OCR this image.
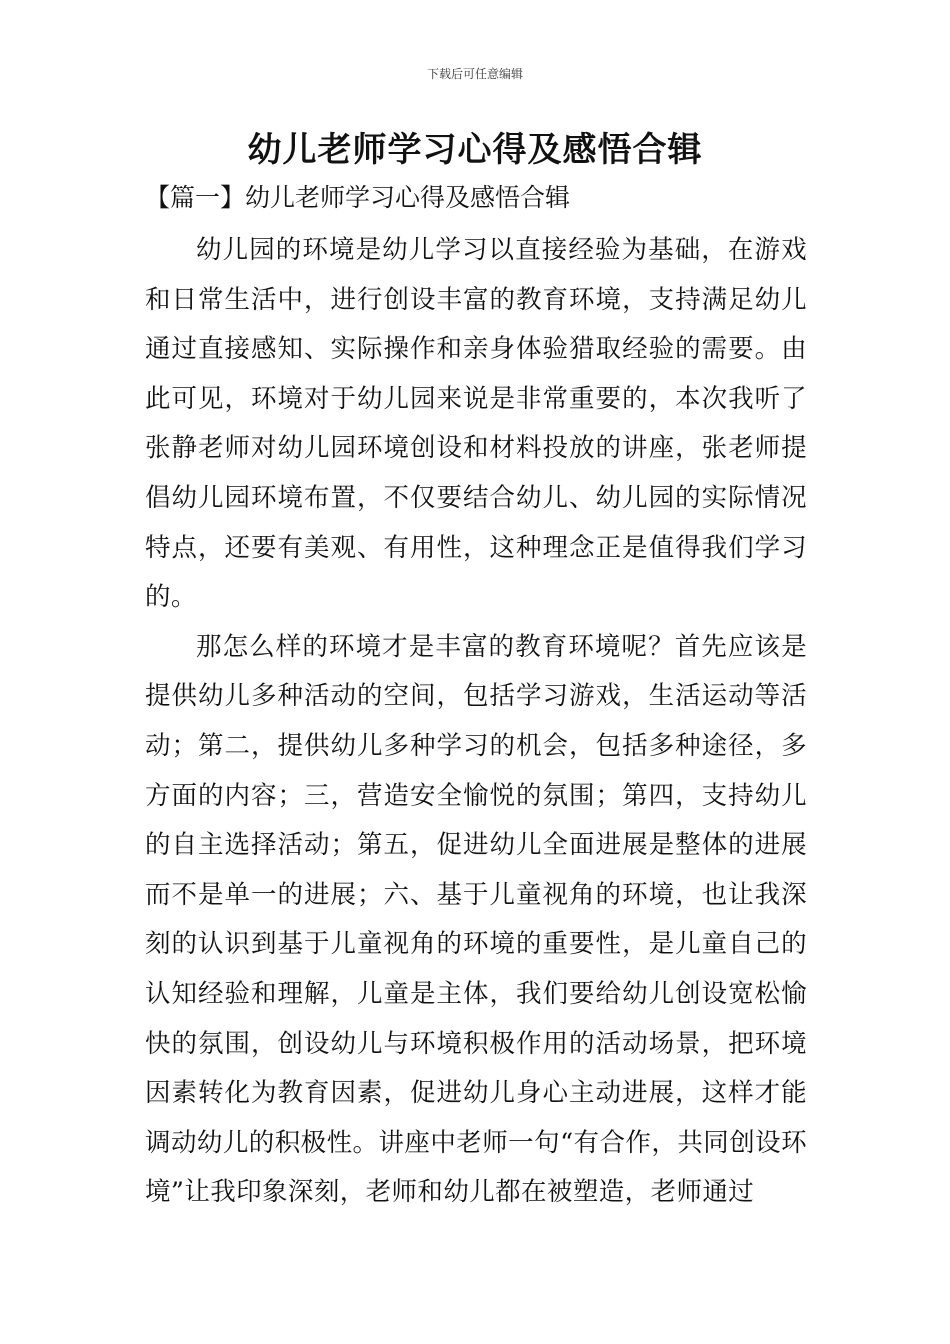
下载后可任意编辑
幼儿老师学习心得及感悟合辑
【篇一】幼儿老师学习心得及感悟合辑

幼儿园的环境是幼儿学习以直接经验为基础，在游戏和日常生活中，进行创设丰富的教育环境，支持满足幼儿通过直接感知、实际操作和亲身体验猎取经验的需要。由此可见，环境对于幼儿园来说是非常重要的，本次我听了张静老师对幼儿园环境创设和材料投放的讲座，张老师提倡幼儿园环境布置，不仅要结合幼儿、幼儿园的实际情况特点，还要有美观、有用性，这种理念正是值得我们学习的。

那怎么样的环境才是丰富的教育环境呢？首先应该是提供幼儿多种活动的空间，包括学习游戏，生活运动等活动；第二，提供幼儿多种学习的机会，包括多种途径，多方面的内容；三，营造安全愉悦的氛围；第四，支持幼儿的自主选择活动；第五，促进幼儿全面进展是整体的进展而不是单一的进展；六、基于儿童视角的环境，也让我深刻的认识到基于儿童视角的环境的重要性，是儿童自己的认知经验和理解，儿童是主体，我们要给幼儿创设宽松愉快的氛围，创设幼儿与环境积极作用的活动场景，把环境因素转化为教育因素，促进幼儿身心主动进展，这样才能调动幼儿的积极性。讲座中老师一句“有合作，共同创设环境”让我印象深刻，老师和幼儿都在被塑造，老师通过
